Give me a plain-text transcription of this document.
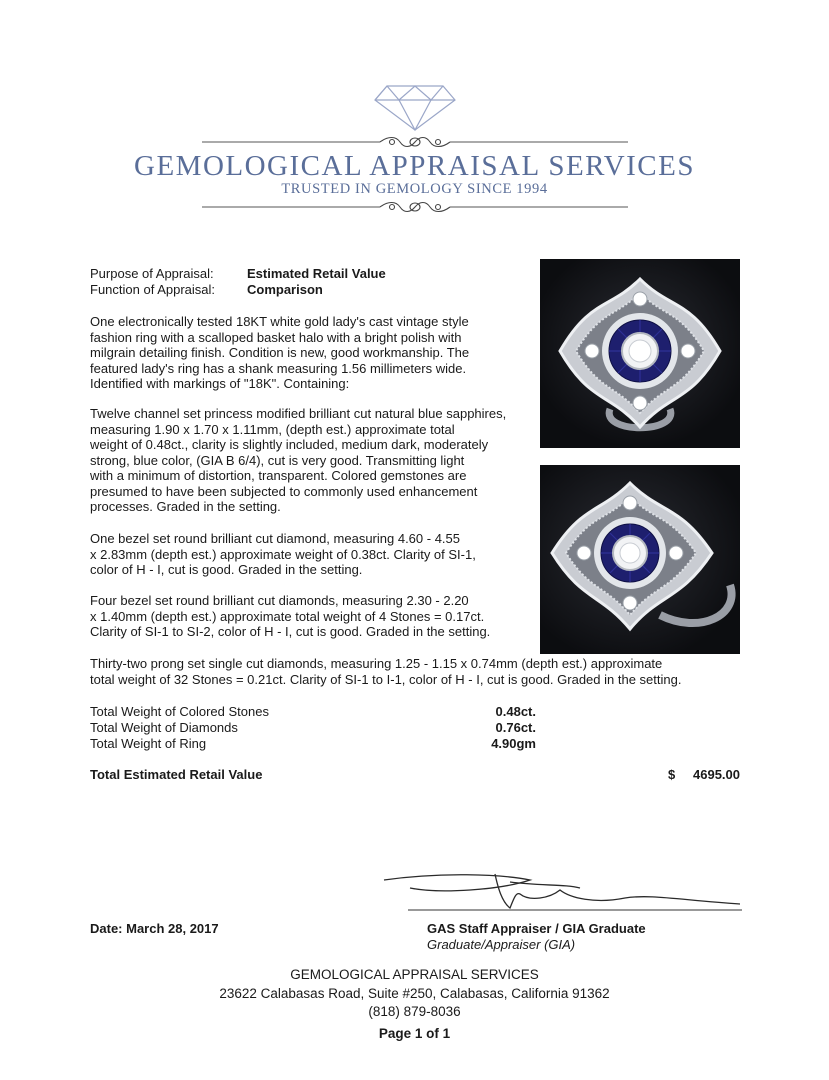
GEMOLOGICAL APPRAISAL SERVICES
TRUSTED IN GEMOLOGY SINCE 1994
Purpose of Appraisal:	Estimated Retail Value
Function of Appraisal: Comparison
One electronically tested 18KT white gold lady's cast vintage style
fashion ring with a scalloped basket halo with a bright polish with
milgrain detailing finish. Condition is new, good workmanship. The
featured lady's ring has a shank measuring 1.56 millimeters wide.
Identified with markings of "18K". Containing:
Twelve channel set princess modified brilliant cut natural blue sapphires,
measuring 1.90 x 1.70 x 1.11mm, (depth est.) approximate total
weight of 0.48ct., clarity is slightly included, medium dark, moderately
strong, blue color, (GIA B 6/4), cut is very good. Transmitting light
with a minimum of distortion, transparent. Colored gemstones are
presumed to have been subjected to commonly used enhancement
processes. Graded in the setting.
One bezel set round brilliant cut diamond, measuring 4.60 - 4.55
x 2.83mm (depth est.) approximate weight of 0.38ct. Clarity of SI-1,
color of H - I, cut is good. Graded in the setting.
Four bezel set round brilliant cut diamonds, measuring 2.30 - 2.20
x 1.40mm (depth est.) approximate total weight of 4 Stones = 0.17ct.
Clarity of SI-1 to SI-2, color of H - I, cut is good. Graded in the setting.
Thirty-two prong set single cut diamonds, measuring 1.25 - 1.15 x 0.74mm (depth est.) approximate
total weight of 32 Stones = 0.21ct. Clarity of SI-1 to I-1, color of H - I, cut is good. Graded in the setting.
Total Weight of Colored Stones	0.48ct.
Total Weight of Diamonds	0.76ct.
Total Weight of Ring	4.90gm
Total Estimated Retail Value	$	4695.00
Date: March 28, 2017	GAS Staff Appraiser / GIA Graduate
Graduate/Appraiser (GIA)
GEMOLOGICAL APPRAISAL SERVICES
23622 Calabasas Road, Suite #250, Calabasas, California 91362
(818) 879-8036
Page 1 of 1
